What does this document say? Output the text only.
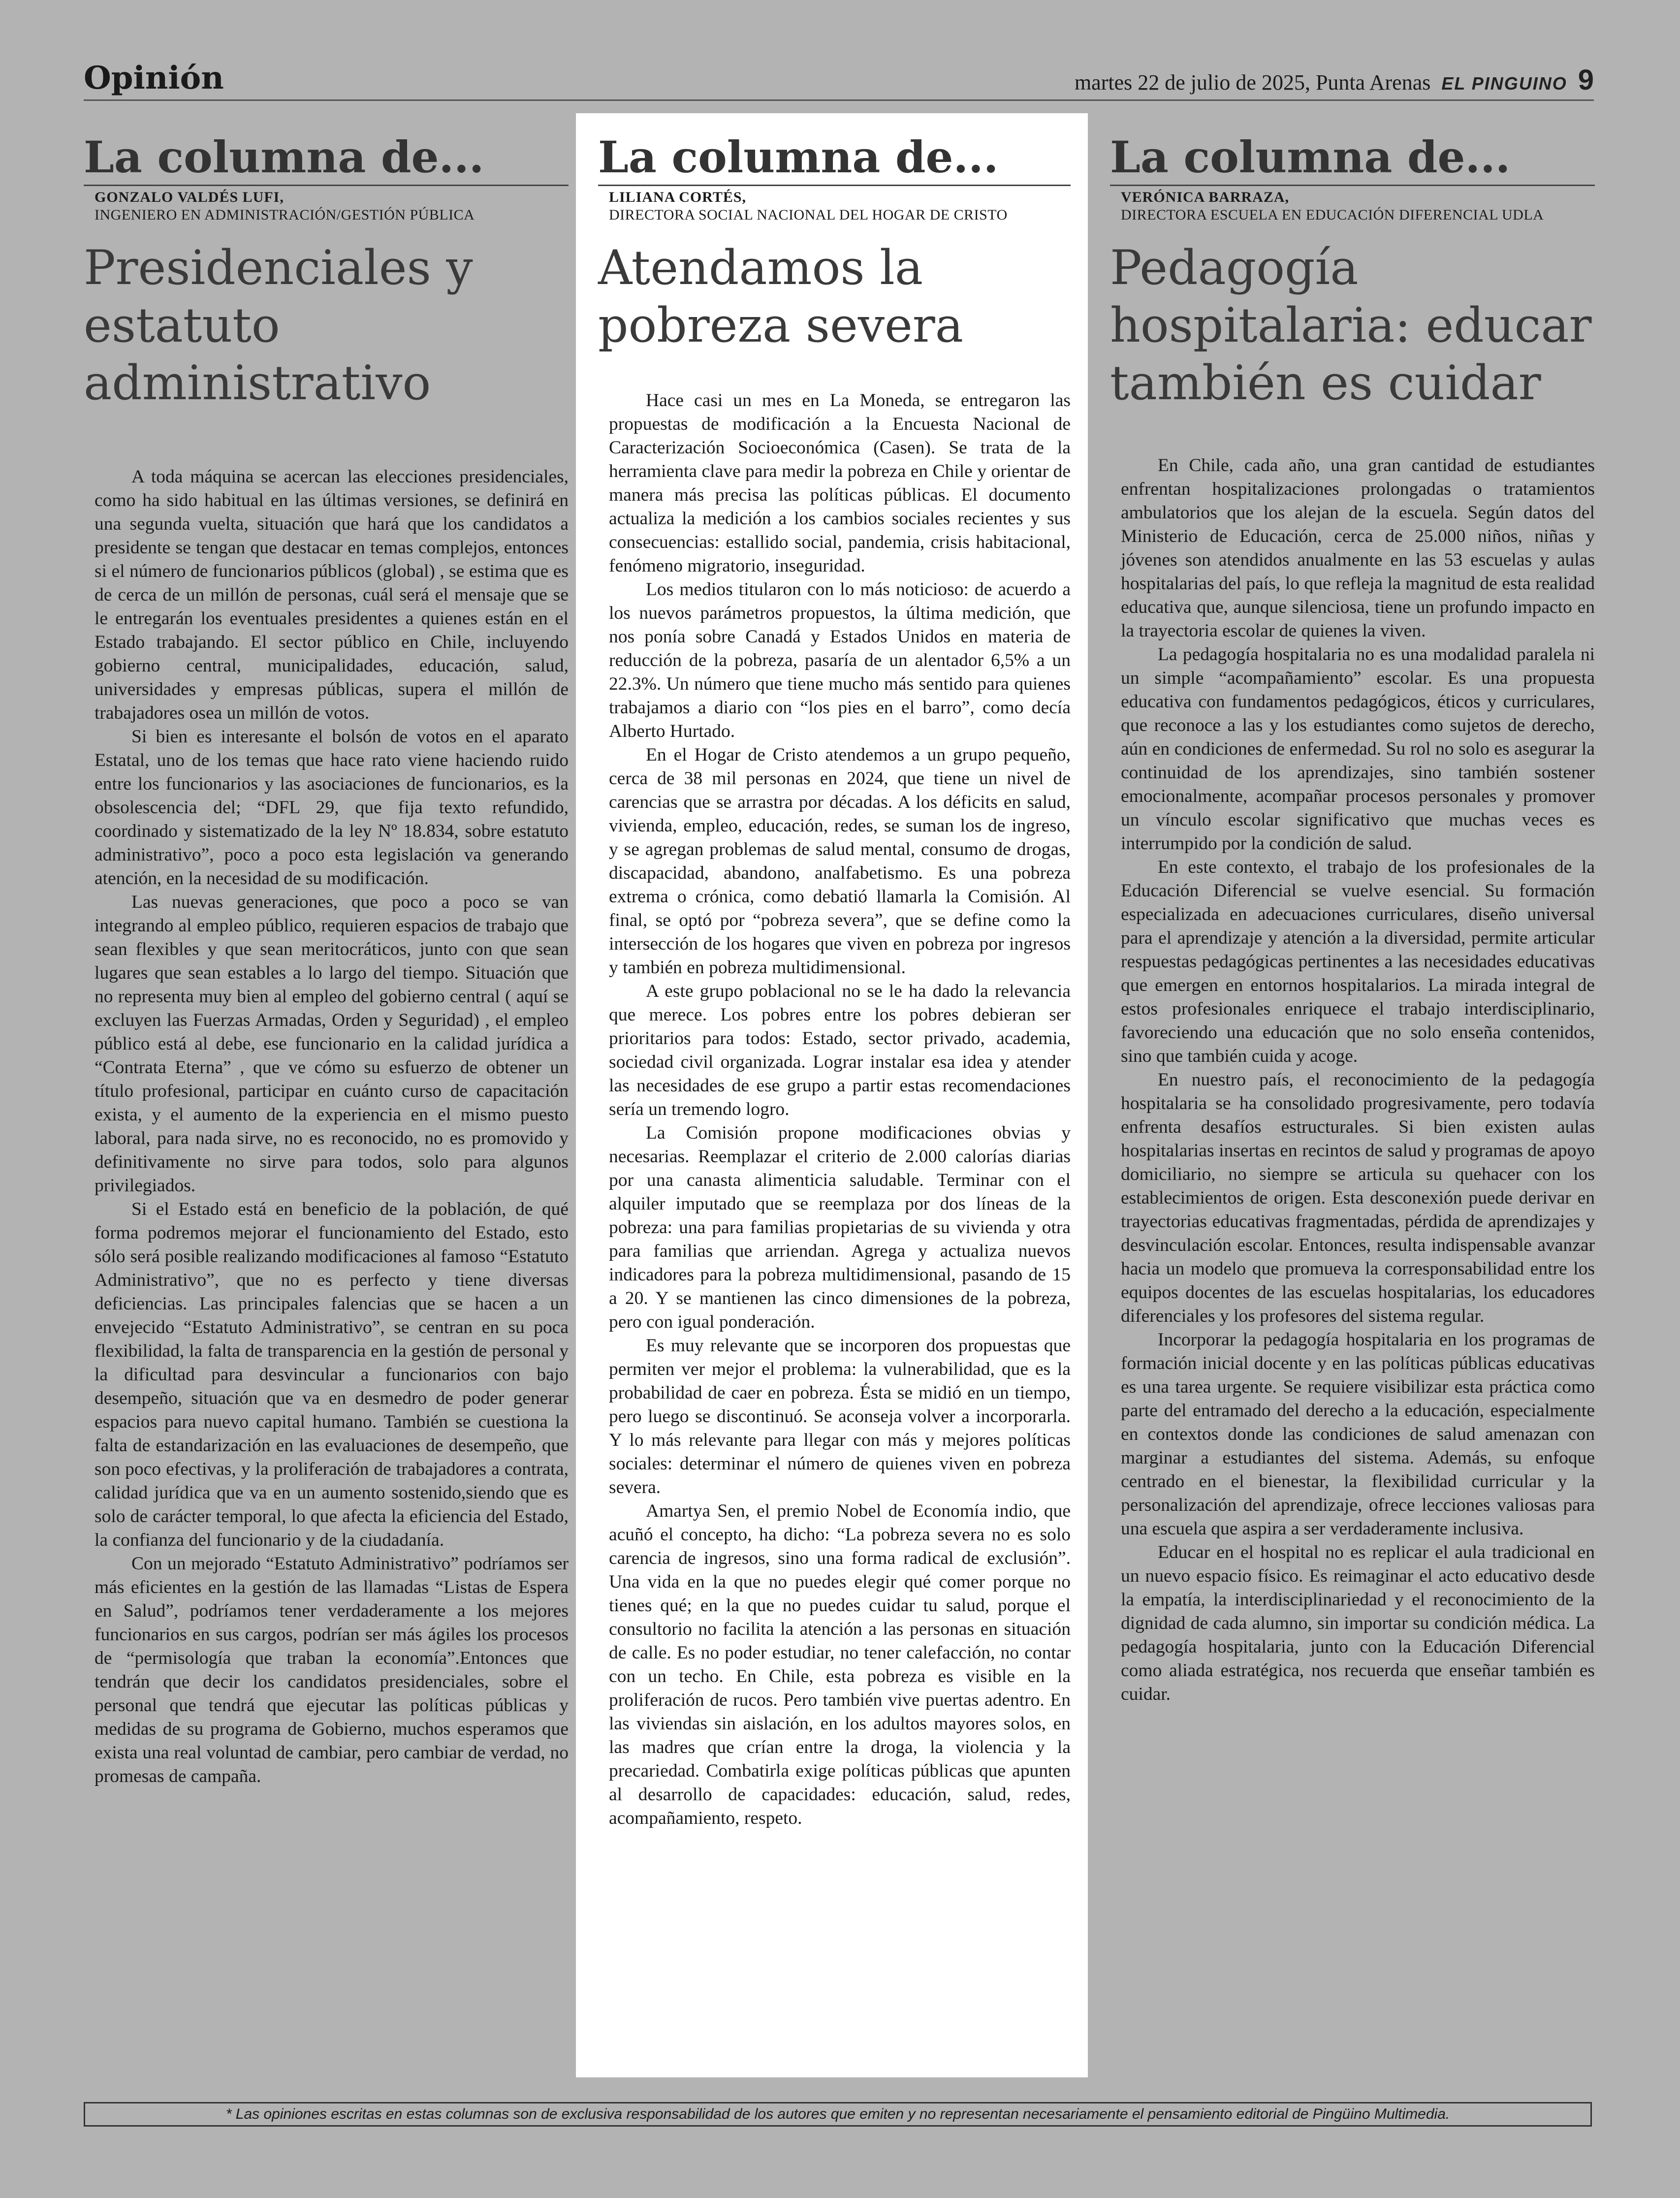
Opinión	martes 22 de julio de 2025, Punta Arenas EL PINGUINO 9
La columna de...
GONZALO VALDÉS LUFI,
INGENIERO EN ADMINISTRACIÓN/GESTIÓN PÚBLICA
Presidenciales y estatuto administrativo

A toda máquina se acercan las elecciones presidenciales, como ha sido habitual en las últimas versiones, se definirá en una segunda vuelta, situación que hará que los candidatos a presidente se tengan que destacar en temas complejos, entonces si el número de funcionarios públicos (global) , se estima que es de cerca de un millón de personas, cuál será el mensaje que se le entregarán los eventuales presidentes a quienes están en el Estado trabajando. El sector público en Chile, incluyendo gobierno central, municipalidades, educación, salud, universidades y empresas públicas, supera el millón de trabajadores osea un millón de votos.

Si bien es interesante el bolsón de votos en el aparato Estatal, uno de los temas que hace rato viene haciendo ruido entre los funcionarios y las asociaciones de funcionarios, es la obsolescencia del; “DFL 29, que fija texto refundido, coordinado y sistematizado de la ley Nº 18.834, sobre estatuto administrativo”, poco a poco esta legislación va generando atención, en la necesidad de su modificación.

Las nuevas generaciones, que poco a poco se van integrando al empleo público, requieren espacios de trabajo que sean flexibles y que sean meritocráticos, junto con que sean lugares que sean estables a lo largo del tiempo. Situación que no representa muy bien al empleo del gobierno central ( aquí se excluyen las Fuerzas Armadas, Orden y Seguridad) , el empleo público está al debe, ese funcionario en la calidad jurídica a “Contrata Eterna” , que ve cómo su esfuerzo de obtener un título profesional, participar en cuánto curso de capacitación exista, y el aumento de la experiencia en el mismo puesto laboral, para nada sirve, no es reconocido, no es promovido y definitivamente no sirve para todos, solo para algunos privilegiados.

Si el Estado está en beneficio de la población, de qué forma podremos mejorar el funcionamiento del Estado, esto sólo será posible realizando modificaciones al famoso “Estatuto Administrativo”, que no es perfecto y tiene diversas deficiencias. Las principales falencias que se hacen a un envejecido “Estatuto Administrativo”, se centran en su poca flexibilidad, la falta de transparencia en la gestión de personal y la dificultad para desvincular a funcionarios con bajo desempeño, situación que va en desmedro de poder generar espacios para nuevo capital humano. También se cuestiona la falta de estandarización en las evaluaciones de desempeño, que son poco efectivas, y la proliferación de trabajadores a contrata, calidad jurídica que va en un aumento sostenido,siendo que es solo de carácter temporal, lo que afecta la eficiencia del Estado, la confianza del funcionario y de la ciudadanía.

Con un mejorado “Estatuto Administrativo” podríamos ser más eficientes en la gestión de las llamadas “Listas de Espera en Salud”, podríamos tener verdaderamente a los mejores funcionarios en sus cargos, podrían ser más ágiles los procesos de “permisología que traban la economía”.Entonces que tendrán que decir los candidatos presidenciales, sobre el personal que tendrá que ejecutar las políticas públicas y medidas de su programa de Gobierno, muchos esperamos que exista una real voluntad de cambiar, pero cambiar de verdad, no promesas de campaña.

La columna de...
LILIANA CORTÉS,
DIRECTORA SOCIAL NACIONAL DEL HOGAR DE CRISTO
Atendamos la pobreza severa

Hace casi un mes en La Moneda, se entregaron las propuestas de modificación a la Encuesta Nacional de Caracterización Socioeconómica (Casen). Se trata de la herramienta clave para medir la pobreza en Chile y orientar de manera más precisa las políticas públicas. El documento actualiza la medición a los cambios sociales recientes y sus consecuencias: estallido social, pandemia, crisis habitacional, fenómeno migratorio, inseguridad.

Los medios titularon con lo más noticioso: de acuerdo a los nuevos parámetros propuestos, la última medición, que nos ponía sobre Canadá y Estados Unidos en materia de reducción de la pobreza, pasaría de un alentador 6,5% a un 22.3%. Un número que tiene mucho más sentido para quienes trabajamos a diario con “los pies en el barro”, como decía Alberto Hurtado.

En el Hogar de Cristo atendemos a un grupo pequeño, cerca de 38 mil personas en 2024, que tiene un nivel de carencias que se arrastra por décadas. A los déficits en salud, vivienda, empleo, educación, redes, se suman los de ingreso, y se agregan problemas de salud mental, consumo de drogas, discapacidad, abandono, analfabetismo. Es una pobreza extrema o crónica, como debatió llamarla la Comisión. Al final, se optó por “pobreza severa”, que se define como la intersección de los hogares que viven en pobreza por ingresos y también en pobreza multidimensional.

A este grupo poblacional no se le ha dado la relevancia que merece. Los pobres entre los pobres debieran ser prioritarios para todos: Estado, sector privado, academia, sociedad civil organizada. Lograr instalar esa idea y atender las necesidades de ese grupo a partir estas recomendaciones sería un tremendo logro.

La Comisión propone modificaciones obvias y necesarias. Reemplazar el criterio de 2.000 calorías diarias por una canasta alimenticia saludable. Terminar con el alquiler imputado que se reemplaza por dos líneas de la pobreza: una para familias propietarias de su vivienda y otra para familias que arriendan. Agrega y actualiza nuevos indicadores para la pobreza multidimensional, pasando de 15 a 20. Y se mantienen las cinco dimensiones de la pobreza, pero con igual ponderación.

Es muy relevante que se incorporen dos propuestas que permiten ver mejor el problema: la vulnerabilidad, que es la probabilidad de caer en pobreza. Ésta se midió en un tiempo, pero luego se discontinuó. Se aconseja volver a incorporarla. Y lo más relevante para llegar con más y mejores políticas sociales: determinar el número de quienes viven en pobreza severa.

Amartya Sen, el premio Nobel de Economía indio, que acuñó el concepto, ha dicho: “La pobreza severa no es solo carencia de ingresos, sino una forma radical de exclusión”. Una vida en la que no puedes elegir qué comer porque no tienes qué; en la que no puedes cuidar tu salud, porque el consultorio no facilita la atención a las personas en situación de calle. Es no poder estudiar, no tener calefacción, no contar con un techo. En Chile, esta pobreza es visible en la proliferación de rucos. Pero también vive puertas adentro. En las viviendas sin aislación, en los adultos mayores solos, en las madres que crían entre la droga, la violencia y la precariedad. Combatirla exige políticas públicas que apunten al desarrollo de capacidades: educación, salud, redes, acompañamiento, respeto.

La columna de...
VERÓNICA BARRAZA,
DIRECTORA ESCUELA EN EDUCACIÓN DIFERENCIAL UDLA
Pedagogía hospitalaria: educar también es cuidar

En Chile, cada año, una gran cantidad de estudiantes enfrentan hospitalizaciones prolongadas o tratamientos ambulatorios que los alejan de la escuela. Según datos del Ministerio de Educación, cerca de 25.000 niños, niñas y jóvenes son atendidos anualmente en las 53 escuelas y aulas hospitalarias del país, lo que refleja la magnitud de esta realidad educativa que, aunque silenciosa, tiene un profundo impacto en la trayectoria escolar de quienes la viven.

La pedagogía hospitalaria no es una modalidad paralela ni un simple “acompañamiento” escolar. Es una propuesta educativa con fundamentos pedagógicos, éticos y curriculares, que reconoce a las y los estudiantes como sujetos de derecho, aún en condiciones de enfermedad. Su rol no solo es asegurar la continuidad de los aprendizajes, sino también sostener emocionalmente, acompañar procesos personales y promover un vínculo escolar significativo que muchas veces es interrumpido por la condición de salud.

En este contexto, el trabajo de los profesionales de la Educación Diferencial se vuelve esencial. Su formación especializada en adecuaciones curriculares, diseño universal para el aprendizaje y atención a la diversidad, permite articular respuestas pedagógicas pertinentes a las necesidades educativas que emergen en entornos hospitalarios. La mirada integral de estos profesionales enriquece el trabajo interdisciplinario, favoreciendo una educación que no solo enseña contenidos, sino que también cuida y acoge.

En nuestro país, el reconocimiento de la pedagogía hospitalaria se ha consolidado progresivamente, pero todavía enfrenta desafíos estructurales. Si bien existen aulas hospitalarias insertas en recintos de salud y programas de apoyo domiciliario, no siempre se articula su quehacer con los establecimientos de origen. Esta desconexión puede derivar en trayectorias educativas fragmentadas, pérdida de aprendizajes y desvinculación escolar. Entonces, resulta indispensable avanzar hacia un modelo que promueva la corresponsabilidad entre los equipos docentes de las escuelas hospitalarias, los educadores diferenciales y los profesores del sistema regular.

Incorporar la pedagogía hospitalaria en los programas de formación inicial docente y en las políticas públicas educativas es una tarea urgente. Se requiere visibilizar esta práctica como parte del entramado del derecho a la educación, especialmente en contextos donde las condiciones de salud amenazan con marginar a estudiantes del sistema. Además, su enfoque centrado en el bienestar, la flexibilidad curricular y la personalización del aprendizaje, ofrece lecciones valiosas para una escuela que aspira a ser verdaderamente inclusiva.

Educar en el hospital no es replicar el aula tradicional en un nuevo espacio físico. Es reimaginar el acto educativo desde la empatía, la interdisciplinariedad y el reconocimiento de la dignidad de cada alumno, sin importar su condición médica. La pedagogía hospitalaria, junto con la Educación Diferencial como aliada estratégica, nos recuerda que enseñar también es cuidar.

* Las opiniones escritas en estas columnas son de exclusiva responsabilidad de los autores que emiten y no representan necesariamente el pensamiento editorial de Pingüino Multimedia.
